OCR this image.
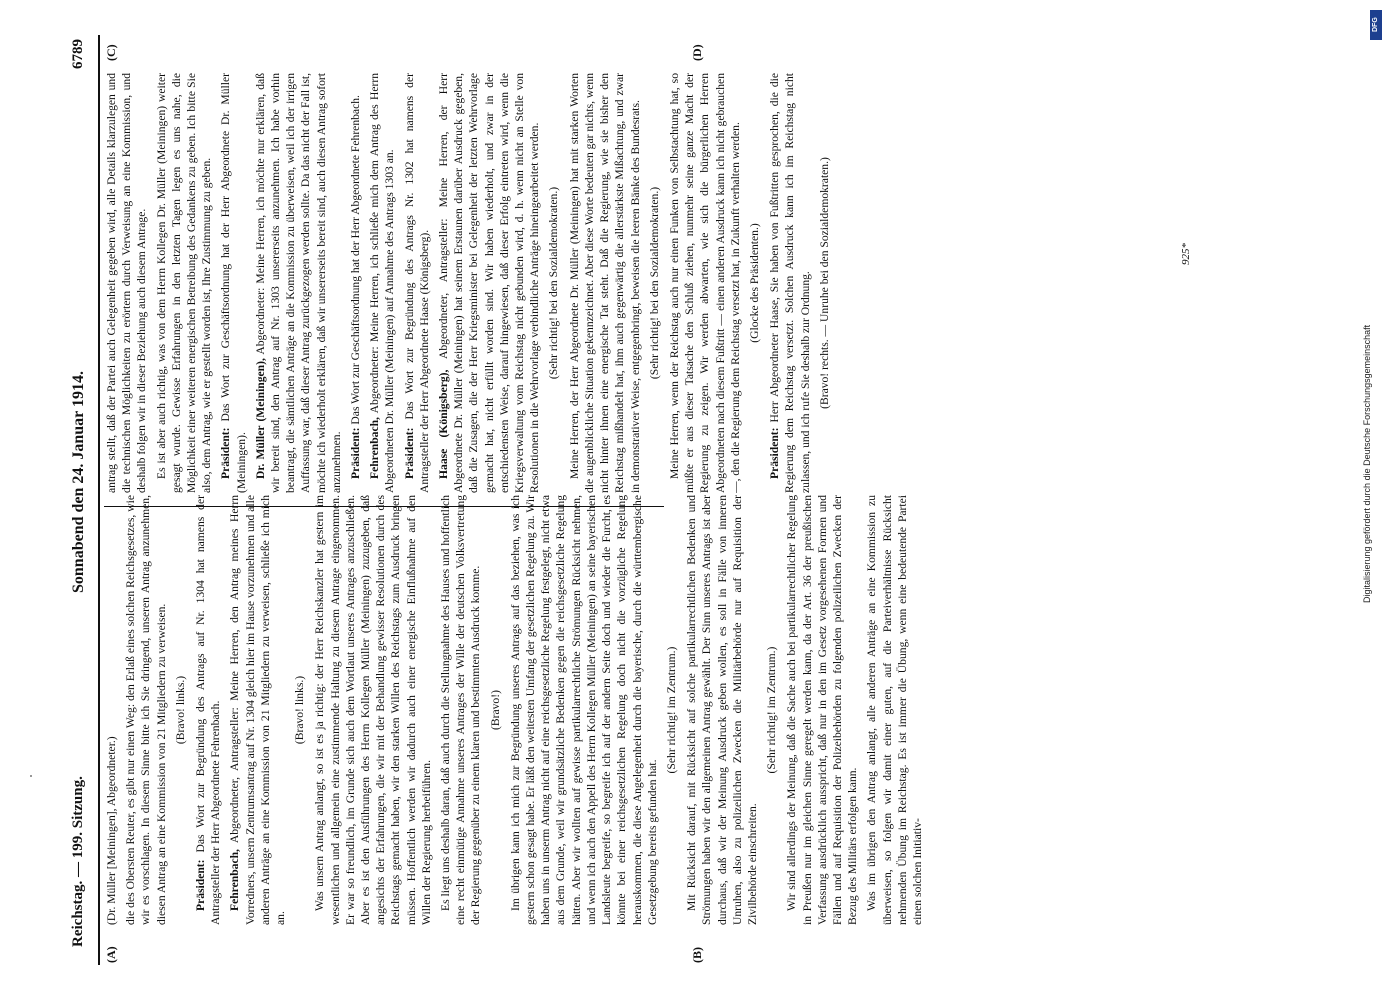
Reichstag. — 199. Sitzung.
Sonnabend den 24. Januar 1914.
6789
(A)	(B)
(C)	(D)

(Dr. Müller [Meiningen], Abgeordneter.) die des Obersten Reuter, es gibt nur einen Weg: den Erlaß eines solchen Reichsgesetzes, wie wir es vorschlagen. In diesem Sinne bitte ich Sie dringend, unseren Antrag anzunehmen, diesen Antrag an eine Kommission von 21 Mitgliedern zu verweisen. (Bravo! links.)

Präsident: Das Wort zur Begründung des Antrags auf Nr. 1304 hat namens der Antragsteller der Herr Abgeordnete Fehrenbach. Fehrenbach, Abgeordneter, Antragsteller: Meine Herren, den Antrag meines Herrn Vorredners, unsern Zentrumsantrag auf Nr. 1304 gleich hier im Hause vorzunehmen und alle anderen Anträge an eine Kommission von 21 Mitgliedern zu verweisen, schließe ich mich an.

(Bravo! links.) Was unsern Antrag anlangt, so ist es ja richtig: der Herr Reichskanzler hat gestern im wesentlichen und allgemein eine zustimmende Haltung zu diesem Antrage eingenommen. Er war so freundlich, im Grunde sich auch dem Wortlaut unseres Antrages anzuschließen. Aber es ist den Ausführungen des Herrn Kollegen Müller (Meiningen) zuzugeben, daß angesichts der Erfahrungen, die wir mit der Behandlung gewisser Resolutionen durch des Reichstags gemacht haben, wir den starken Willen des Reichstags zum Ausdruck bringen müssen. Hoffentlich werden wir dadurch auch einer energische Einflußnahme auf den Willen der Regierung herbeiführen. Es liegt uns deshalb daran, daß auch durch die Stellungnahme des Hauses und hoffentlich eine recht einmütige Annahme unseres Antrages der Wille der deutschen Volksvertretung der Regierung gegenüber zu einem klaren und bestimmten Ausdruck komme. (Bravo!) Im übrigen kann ich mich zur Begründung unseres Antrags auf das beziehen, was ich gestern schon gesagt habe. Er läßt den weitesten Umfang der gesetzlichen Regelung zu. Wir haben uns in unserm Antrag nicht auf eine reichsgesetzliche Regelung festgelegt, nicht etwa aus dem Grunde, weil wir grundsätzliche Bedenken gegen die reichsgesetzliche Regelung hätten. Aber wir wollten auf gewisse partikularrechtliche Strömungen Rücksicht nehmen, und wenn ich auch den Appell des Herrn Kollegen Müller (Meiningen) an seine bayerischen Landsleute begreife, so begreife ich auf der andern Seite doch und wieder die Furcht, es könnte bei einer reichsgesetzlichen Regelung doch nicht die vorzügliche Regelung herauskommen, die diese Angelegenheit durch die bayerische, durch die württembergische Gesetzgebung bereits gefunden hat.

(Sehr richtig! im Zentrum.) Mit Rücksicht darauf, mit Rücksicht auf solche partikularrechtlichen Bedenken und Strömungen haben wir den allgemeinen Antrag gewählt. Der Sinn unseres Antrags ist aber durchaus, daß wir der Meinung Ausdruck geben wollen, es soll in Fälle von inneren Unruhen, also zu polizeilichen Zwecken die Militärbehörde nur auf Requisition der Zivilbehörde einschreiten.

(Sehr richtig! im Zentrum.) Wir sind allerdings der Meinung, daß die Sache auch bei partikularrechtlicher Regelung in Preußen nur im gleichen Sinne geregelt werden kann, da der Art. 36 der preußischen Verfassung ausdrücklich ausspricht, daß nur in den im Gesetz vorgesehenen Formen und Fällen und auf Requisition der Polizeibehörden zu folgenden polizeilichen Zwecken der Bezug des Militärs erfolgen kann. Was im übrigen den Antrag anlangt, alle anderen Anträge an eine Kommission zu überweisen, so folgen wir damit einer guten, auf die Parteiverhältnisse Rücksicht nehmenden Übung im Reichstag. Es ist immer die Übung, wenn eine bedeutende Partei einen solchen Initiativ-

antrag stellt, daß der Partei auch Gelegenheit gegeben wird, alle Details klarzulegen und die technischen Möglichkeiten zu erörtern durch Verweisung an eine Kommission, und deshalb folgen wir in dieser Beziehung auch diesem Antrage. Es ist aber auch richtig, was von dem Herrn Kollegen Dr. Müller (Meiningen) weiter gesagt wurde. Gewisse Erfahrungen in den letzten Tagen legen es uns nahe, die Möglichkeit einer weiteren energischen Betreibung des Gedankens zu geben. Ich bitte Sie also, dem Antrag, wie er gestellt worden ist, Ihre Zustimmung zu geben. Präsident: Das Wort zur Geschäftsordnung hat der Herr Abgeordnete Dr. Müller (Meiningen). Dr. Müller (Meiningen), Abgeordneter: Meine Herren, ich möchte nur erklären, daß wir bereit sind, den Antrag auf Nr. 1303 unsererseits anzunehmen. Ich habe vorhin beantragt, die sämtlichen Anträge an die Kommission zu überweisen, weil ich der irrigen Auffassung war, daß dieser Antrag zurückgezogen werden sollte. Da das nicht der Fall ist, möchte ich wiederholt erklären, daß wir unsererseits bereit sind, auch diesen Antrag sofort anzunehmen. Präsident: Das Wort zur Geschäftsordnung hat der Herr Abgeordnete Fehrenbach.

Fehrenbach, Abgeordneter: Meine Herren, ich schließe mich dem Antrag des Herrn Abgeordneten Dr. Müller (Meiningen) auf Annahme des Antrags 1303 an. Präsident: Das Wort zur Begründung des Antrags Nr. 1302 hat namens der Antragsteller der Herr Abgeordnete Haase (Königsberg). Haase (Königsberg), Abgeordneter, Antragsteller: Meine Herren, der Herr Abgeordnete Dr. Müller (Meiningen) hat seinem Erstaunen darüber Ausdruck gegeben, daß die Zusagen, die der Herr Kriegsminister bei Gelegenheit der letzten Wehrvorlage gemacht hat, nicht erfüllt worden sind. Wir haben wiederholt, und zwar in der entschiedensten Weise, darauf hingewiesen, daß dieser Erfolg eintreten wird, wenn die Kriegsverwaltung vom Reichstag nicht gebunden wird, d. h. wenn nicht an Stelle von Resolutionen in die Wehrvorlage verbindliche Anträge hineingearbeitet werden. (Sehr richtig! bei den Sozialdemokraten.) Meine Herren, der Herr Abgeordnete Dr. Müller (Meiningen) hat mit starken Worten die augenblickliche Situation gekennzeichnet. Aber diese Worte bedeuten gar nichts, wenn nicht hinter ihnen eine energische Tat steht. Daß die Regierung, wie sie bisher den Reichstag mißhandelt hat, ihm auch gegenwärtig die allerstärkste Mißachtung, und zwar in demonstrativer Weise, entgegenbringt, beweisen die leeren Bänke des Bundesrats. (Sehr richtig! bei den Sozialdemokraten.) Meine Herren, wenn der Reichstag auch nur einen Funken von Selbstachtung hat, so müßte er aus dieser Tatsache den Schluß ziehen, nunmehr seine ganze Macht der Regierung zu zeigen. Wir werden abwarten, wie sich die bürgerlichen Herren Abgeordneten nach diesem Fußtritt — einen anderen Ausdruck kann ich nicht gebrauchen —, den die Regierung dem Reichstag versetzt hat, in Zukunft verhalten werden. (Glocke des Präsidenten.)

Präsident: Herr Abgeordneter Haase, Sie haben von Fußtritten gesprochen, die die Regierung dem Reichstag versetzt. Solchen Ausdruck kann ich im Reichstag nicht zulassen, und ich rufe Sie deshalb zur Ordnung. (Bravo! rechts. — Unruhe bei den Sozialdemokraten.)	925*
Digitalisierung gefördert durch die Deutsche Forschungsgemeinschaft
DFG
